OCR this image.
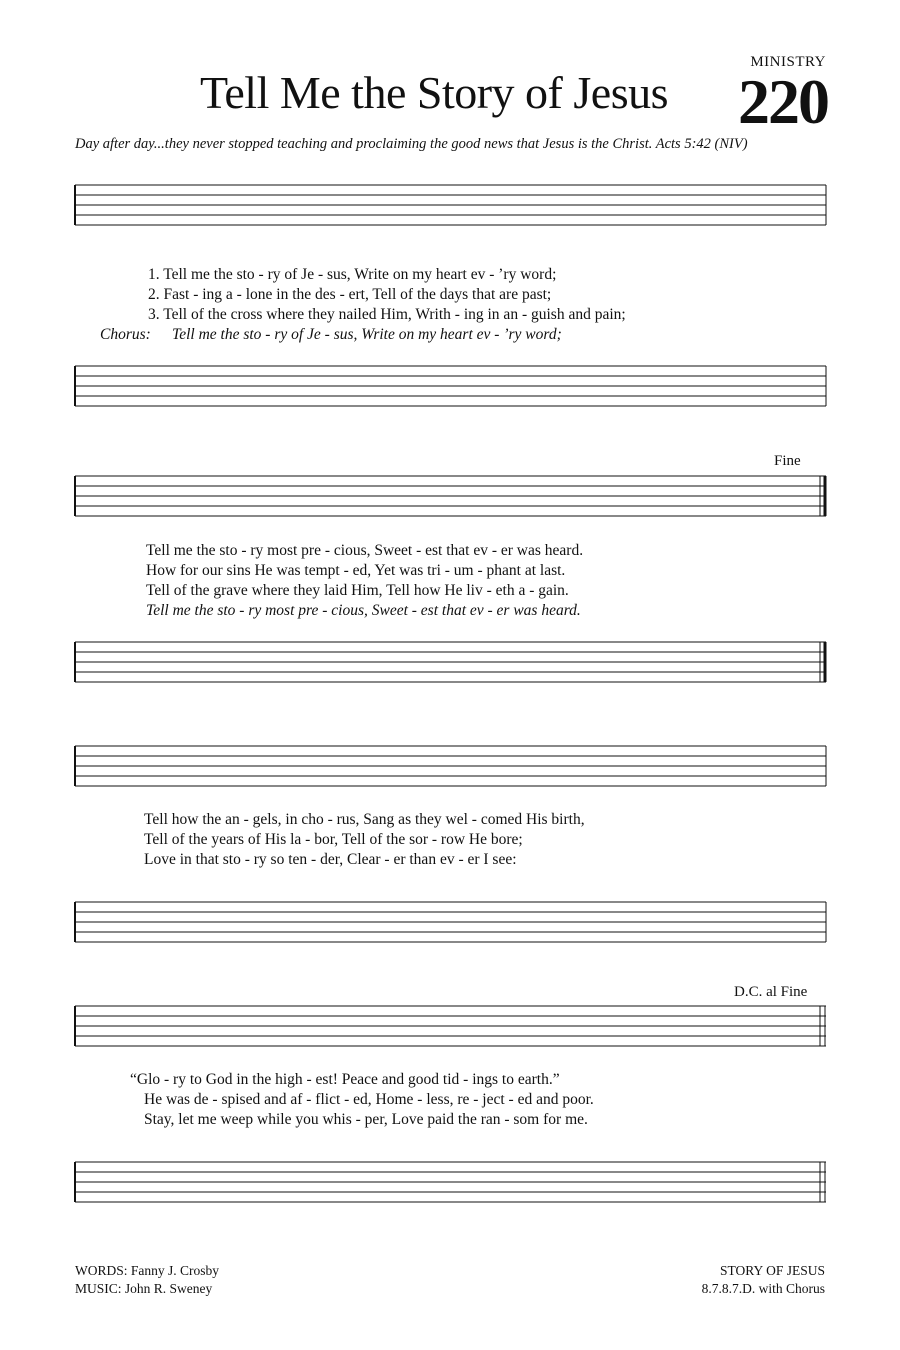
Tell Me the Story of Jesus
MINISTRY
220
Day after day...they never stopped teaching and proclaiming the good news that Jesus is the Christ. Acts 5:42 (NIV)
1. Tell me the sto - ry of Je - sus, Write on my heart ev - ’ry word;
2. Fast - ing a - lone in the des - ert, Tell of the days that are past;
3. Tell of the cross where they nailed Him, Writh - ing in an - guish and pain;
Chorus: Tell me the sto - ry of Je - sus, Write on my heart ev - ’ry word;
Fine
Tell me the sto - ry most pre - cious, Sweet - est that ev - er was heard.
How for our sins He was tempt - ed, Yet was tri - um - phant at last.
Tell of the grave where they laid Him, Tell how He liv - eth a - gain.
Tell me the sto - ry most pre - cious, Sweet - est that ev - er was heard.
Tell how the an - gels, in cho - rus, Sang as they wel - comed His birth,
Tell of the years of His la - bor, Tell of the sor - row He bore;
Love in that sto - ry so ten - der, Clear - er than ev - er I see:
D.C. al Fine
“Glo - ry to God in the high - est! Peace and good tid - ings to earth.”
He was de - spised and af - flict - ed, Home - less, re - ject - ed and poor.
Stay, let me weep while you whis - per, Love paid the ran - som for me.
WORDS: Fanny J. Crosby
MUSIC: John R. Sweney
STORY OF JESUS
8.7.8.7.D. with Chorus
